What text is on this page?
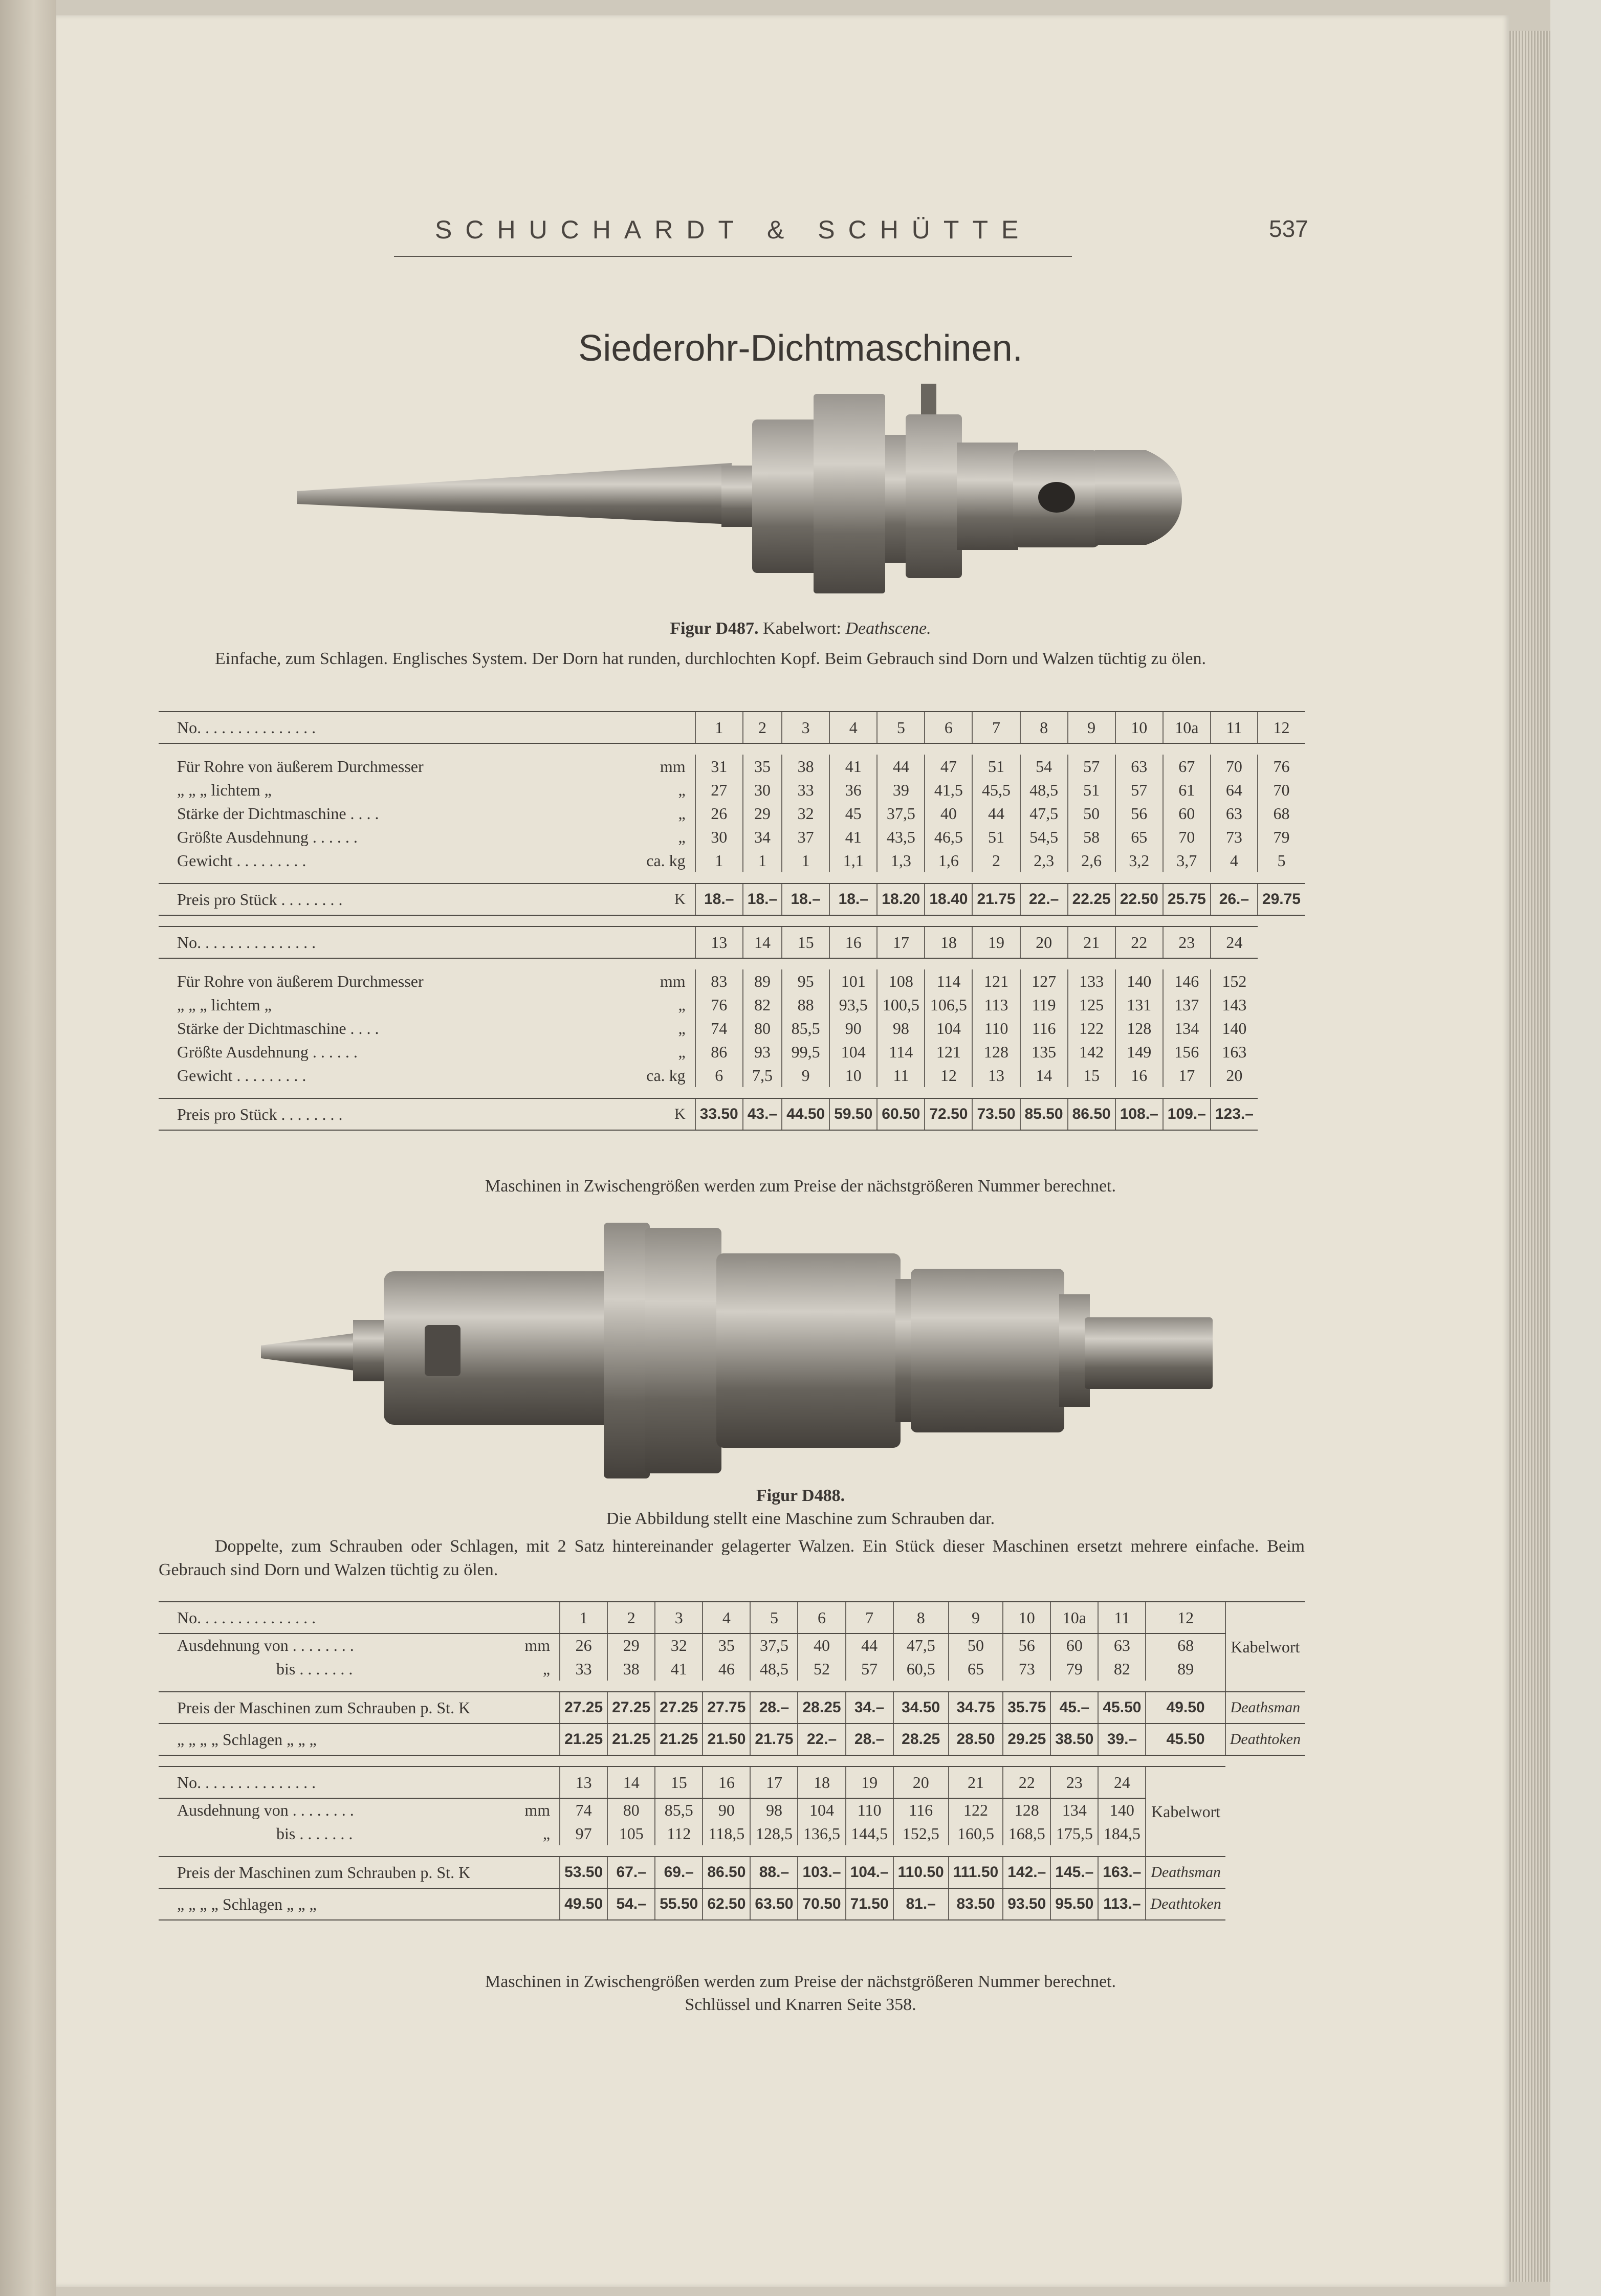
SCHUCHARDT & SCHÜTTE	537
Siederohr-Dichtmaschinen.
Figur D487. Kabelwort: Deathscene.
Einfache, zum Schlagen. Englisches System. Der Dorn hat runden, durchlochten Kopf. Beim Gebrauch sind Dorn und Walzen tüchtig zu ölen.
No. . . . . . . . . . . . . . .		1	2	3	4	5	6	7	8	9	10	10a	11	12

Für Rohre von äußerem Durchmesser	mm	31	35	38	41	44	47	51	54	57	63	67	70	76
„ „ „ lichtem „	„	27	30	33	36	39	41,5	45,5	48,5	51	57	61	64	70
Stärke der Dichtmaschine . . . .	„	26	29	32	45	37,5	40	44	47,5	50	56	60	63	68
Größte Ausdehnung . . . . . .	„	30	34	37	41	43,5	46,5	51	54,5	58	65	70	73	79
Gewicht . . . . . . . . .	ca. kg	1	1	1	1,1	1,3	1,6	2	2,3	2,6	3,2	3,7	4	5

Preis pro Stück . . . . . . . .	K	18.–	18.–	18.–	18.–	18.20	18.40	21.75	22.–	22.25	22.50	25.75	26.–	29.75

No. . . . . . . . . . . . . . .		13	14	15	16	17	18	19	20	21	22	23	24	

Für Rohre von äußerem Durchmesser	mm	83	89	95	101	108	114	121	127	133	140	146	152	
„ „ „ lichtem „	„	76	82	88	93,5	100,5	106,5	113	119	125	131	137	143	
Stärke der Dichtmaschine . . . .	„	74	80	85,5	90	98	104	110	116	122	128	134	140	
Größte Ausdehnung . . . . . .	„	86	93	99,5	104	114	121	128	135	142	149	156	163	
Gewicht . . . . . . . . .	ca. kg	6	7,5	9	10	11	12	13	14	15	16	17	20	

Preis pro Stück . . . . . . . .	K	33.50	43.–	44.50	59.50	60.50	72.50	73.50	85.50	86.50	108.–	109.–	123.–	
Maschinen in Zwischengrößen werden zum Preise der nächstgrößeren Nummer berechnet.
Figur D488.
Die Abbildung stellt eine Maschine zum Schrauben dar.
Doppelte, zum Schrauben oder Schlagen, mit 2 Satz hintereinander gelagerter Walzen. Ein Stück dieser Maschinen ersetzt mehrere einfache. Beim Gebrauch sind Dorn und Walzen tüchtig zu ölen.
No. . . . . . . . . . . . . . .		1	2	3	4	5	6	7	8	9	10	10a	11	12	Kabelwort
Ausdehnung von . . . . . . . .	mm	26	29	32	35	37,5	40	44	47,5	50	56	60	63	68	
bis . . . . . . .	„	33	38	41	46	48,5	52	57	60,5	65	73	79	82	89	

Preis der Maschinen zum Schrauben p. St. K		27.25	27.25	27.25	27.75	28.–	28.25	34.–	34.50	34.75	35.75	45.–	45.50	49.50	Deathsman
„ „ „ „ Schlagen „ „ „		21.25	21.25	21.25	21.50	21.75	22.–	28.–	28.25	28.50	29.25	38.50	39.–	45.50	Deathtoken

No. . . . . . . . . . . . . . .		13	14	15	16	17	18	19	20	21	22	23	24	Kabelwort	
Ausdehnung von . . . . . . . .	mm	74	80	85,5	90	98	104	110	116	122	128	134	140		
bis . . . . . . .	„	97	105	112	118,5	128,5	136,5	144,5	152,5	160,5	168,5	175,5	184,5		

Preis der Maschinen zum Schrauben p. St. K		53.50	67.–	69.–	86.50	88.–	103.–	104.–	110.50	111.50	142.–	145.–	163.–	Deathsman	
„ „ „ „ Schlagen „ „ „		49.50	54.–	55.50	62.50	63.50	70.50	71.50	81.–	83.50	93.50	95.50	113.–	Deathtoken	
Maschinen in Zwischengrößen werden zum Preise der nächstgrößeren Nummer berechnet.
Schlüssel und Knarren Seite 358.
